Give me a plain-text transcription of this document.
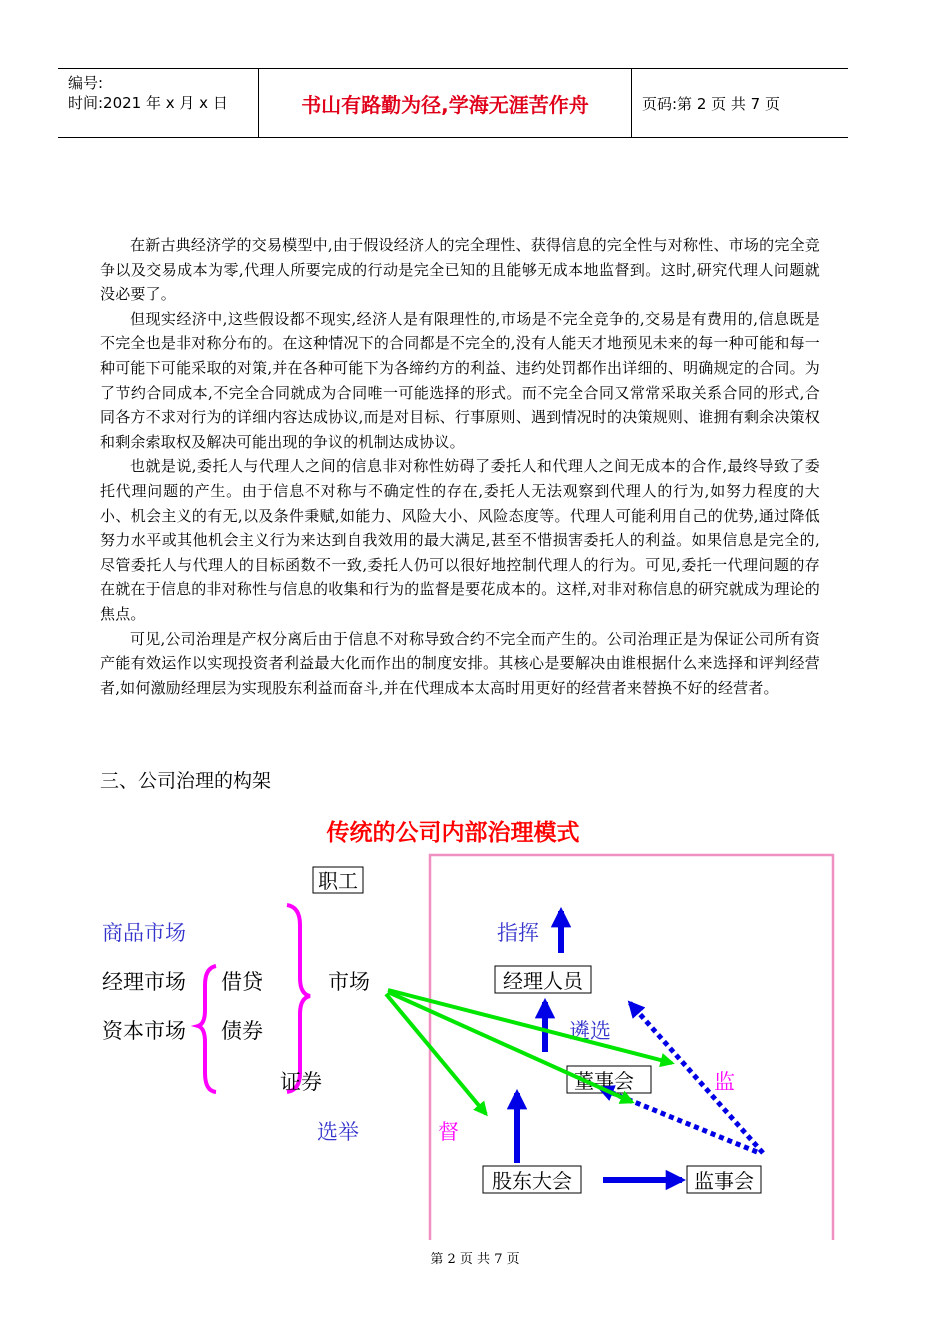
编号:
时间:2021 年 x 月 x 日	书山有路勤为径,学海无涯苦作舟	页码:第 2 页 共 7 页

在新古典经济学的交易模型中,由于假设经济人的完全理性、获得信息的完全性与对称性、市场的完全竞争以及交易成本为零,代理人所要完成的行动是完全已知的且能够无成本地监督到。这时,研究代理人问题就没必要了。

但现实经济中,这些假设都不现实,经济人是有限理性的,市场是不完全竞争的,交易是有费用的,信息既是不完全也是非对称分布的。在这种情况下的合同都是不完全的,没有人能天才地预见未来的每一种可能和每一种可能下可能采取的对策,并在各种可能下为各缔约方的利益、违约处罚都作出详细的、明确规定的合同。为了节约合同成本,不完全合同就成为合同唯一可能选择的形式。而不完全合同又常常采取关系合同的形式,合同各方不求对行为的详细内容达成协议,而是对目标、行事原则、遇到情况时的决策规则、谁拥有剩余决策权和剩余索取权及解决可能出现的争议的机制达成协议。

也就是说,委托人与代理人之间的信息非对称性妨碍了委托人和代理人之间无成本的合作,最终导致了委托代理问题的产生。由于信息不对称与不确定性的存在,委托人无法观察到代理人的行为,如努力程度的大小、机会主义的有无,以及条件秉赋,如能力、风险大小、风险态度等。代理人可能利用自己的优势,通过降低努力水平或其他机会主义行为来达到自我效用的最大满足,甚至不惜损害委托人的利益。如果信息是完全的,尽管委托人与代理人的目标函数不一致,委托人仍可以很好地控制代理人的行为。可见,委托一代理问题的存在就在于信息的非对称性与信息的收集和行为的监督是要花成本的。这样,对非对称信息的研究就成为理论的焦点。

可见,公司治理是产权分离后由于信息不对称导致合约不完全而产生的。公司治理正是为保证公司所有资产能有效运作以实现投资者利益最大化而作出的制度安排。其核心是要解决由谁根据什么来选择和评判经营者,如何激励经理层为实现股东利益而奋斗,并在代理成本太高时用更好的经营者来替换不好的经营者。

三、公司治理的构架
传统的公司内部治理模式
职工
商品市场
经理市场
资本市场
借贷
债券
市场
证券
指挥
经理人员
遴选
董事会	监
选举	督
股东大会	监事会
第 2 页 共 7 页
